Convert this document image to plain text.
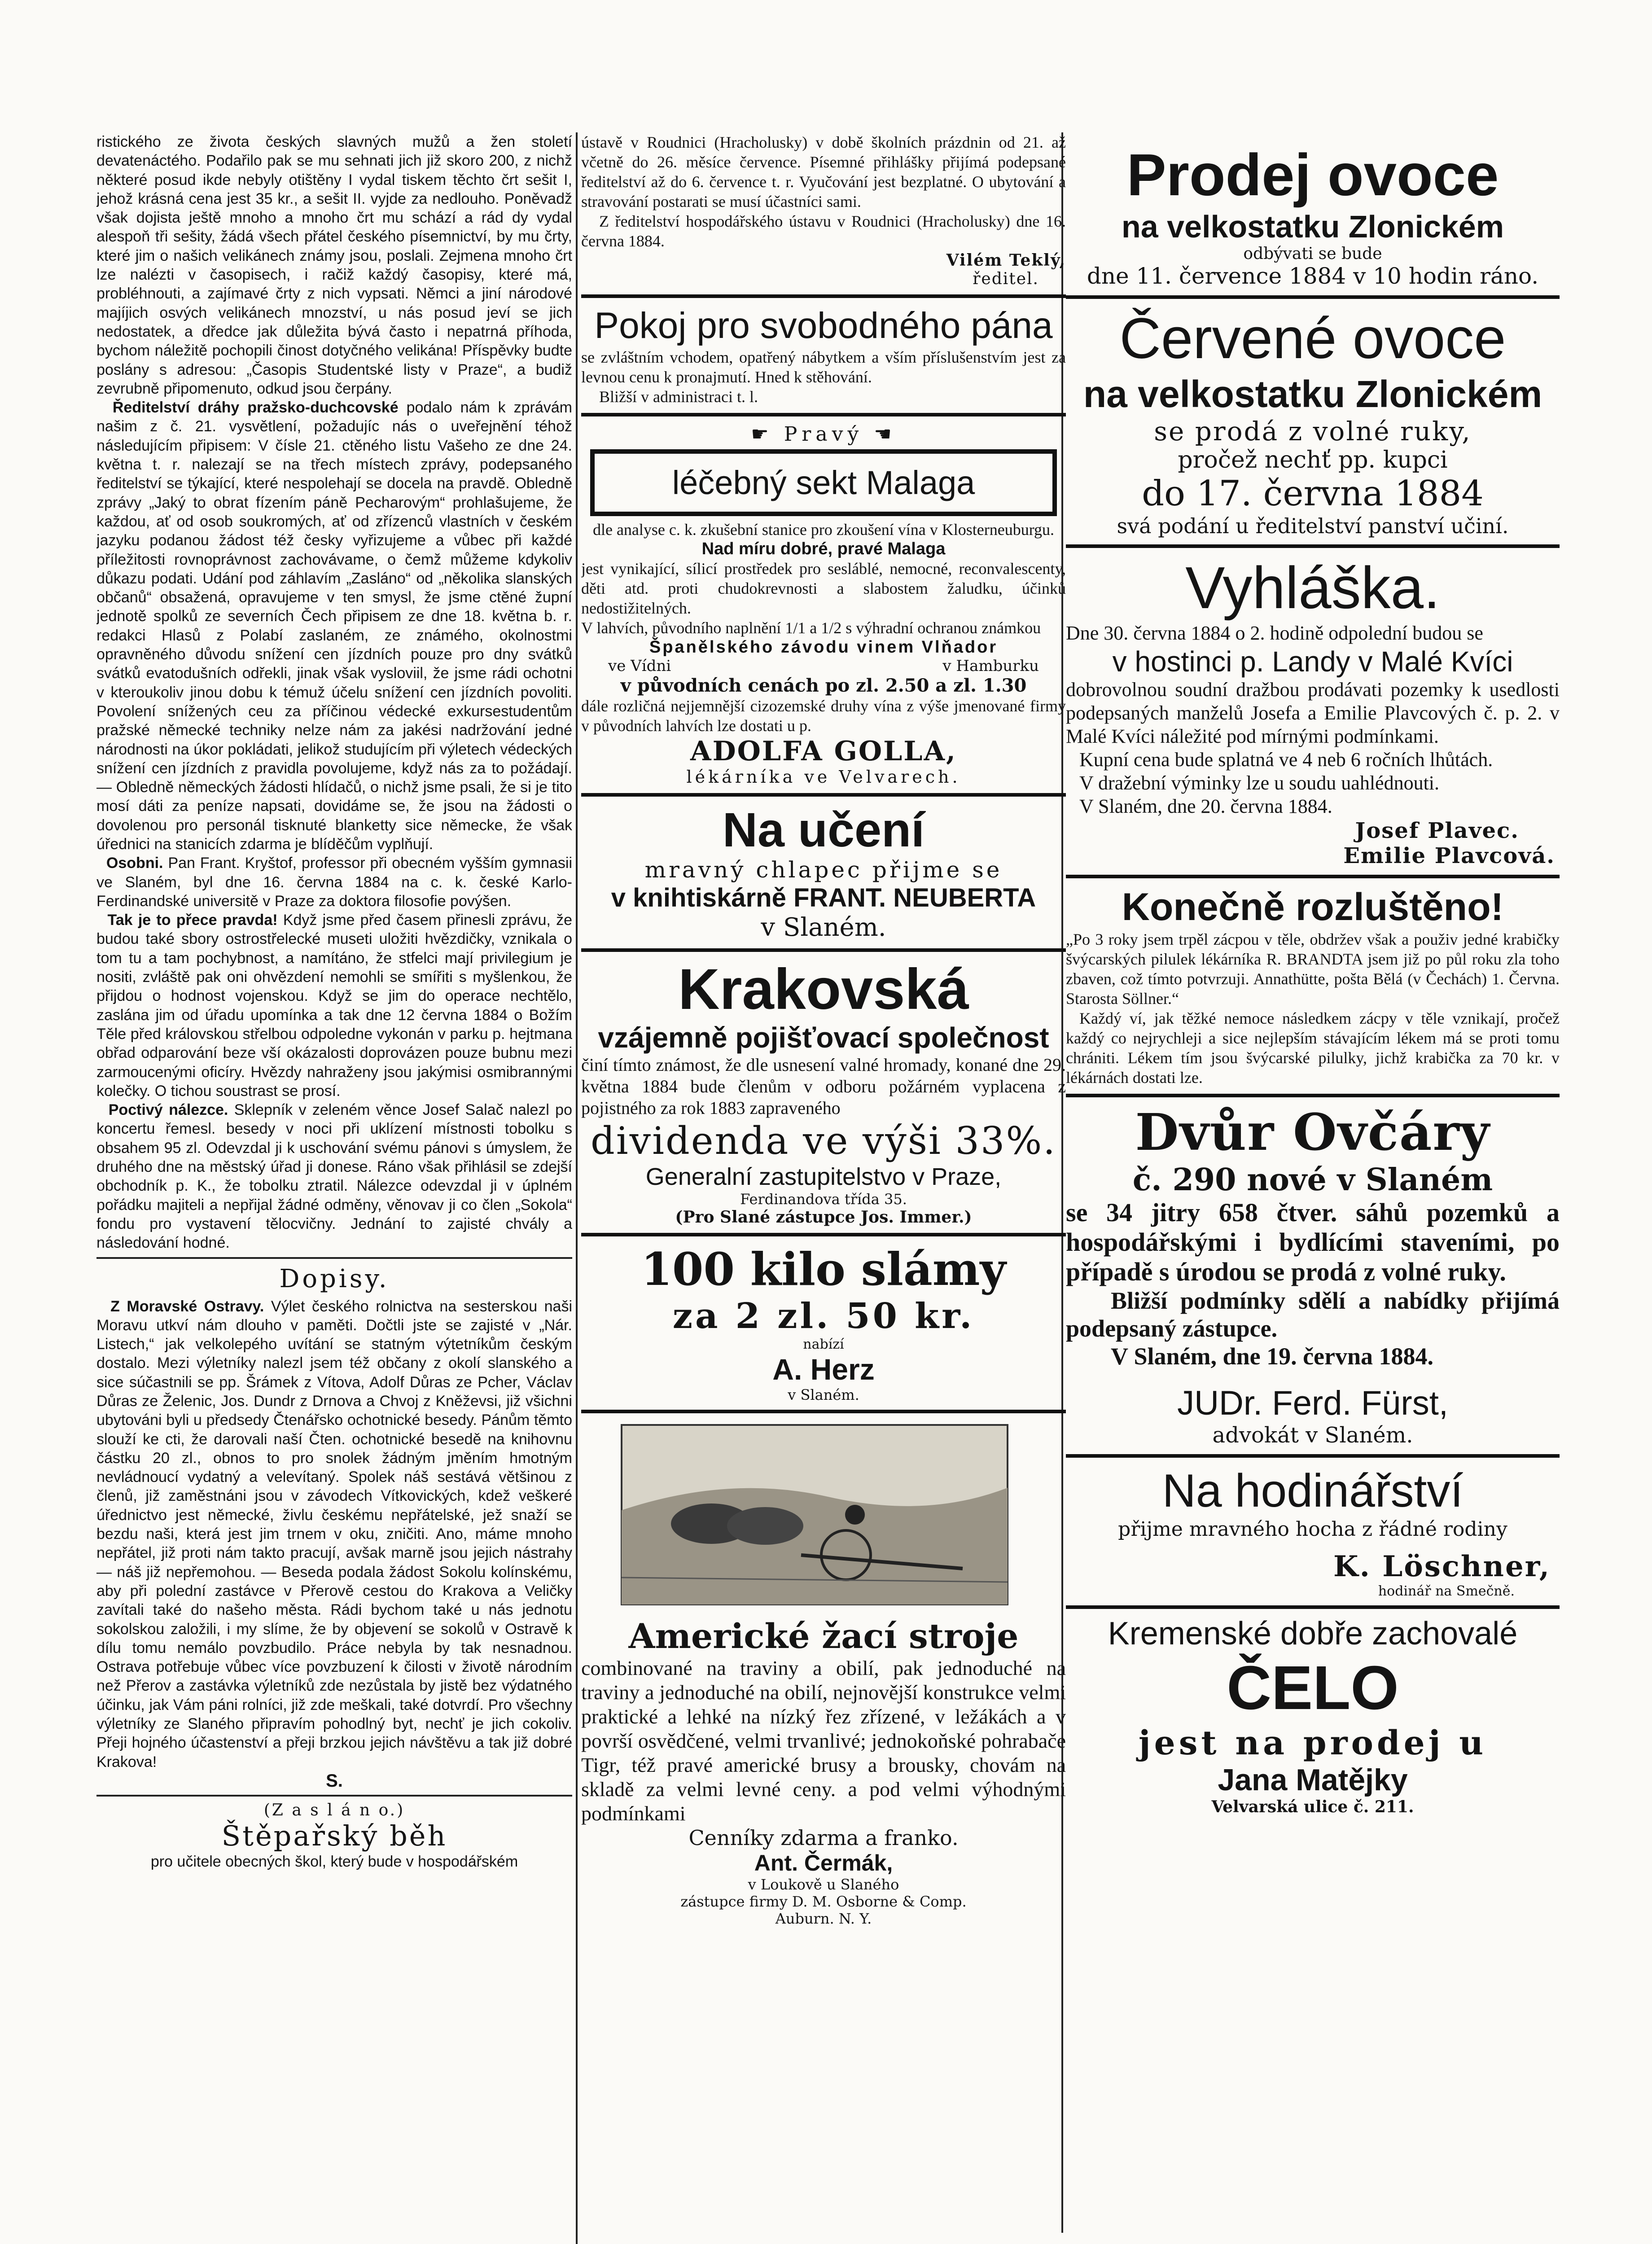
ristického ze života českých slavných mužů a žen století devatenáctého. Podařilo pak se mu sehnati jich již skoro 200, z nichž některé posud ikde nebyly otištěny I vydal tiskem těchto črt sešit I, jehož krásná cena jest 35 kr., a sešit II. vyjde za nedlouho. Poněvadž však dojista ještě mnoho a mnoho črt mu schází a rád dy vydal alespoň tři sešity, žádá všech přátel českého písemnictví, by mu črty, které jim o našich velikánech známy jsou, poslali. Zejmena mnoho črt lze nalézti v časopisech, i račiž každý časopisy, které má, probléhnouti, a zajímavé črty z nich vypsati. Němci a jiní národové majíjich osvých velikánech mnozství, u nás posud jeví se jich nedostatek, a dředce jak důležita bývá často i nepatrná příhoda, bychom náležitě pochopili činost dotyčného velikána! Příspěvky budte poslány s adresou: „Časopis Studentské listy v Praze“, a budiž zevrubně připomenuto, odkud jsou čerpány.

Ředitelství dráhy pražsko-duchcovské podalo nám k zprávám našim z č. 21. vysvětlení, požadujíc nás o uveřejnění téhož následujícím připisem: V čísle 21. ctěného listu Vašeho ze dne 24. května t. r. nalezají se na třech místech zprávy, podepsaného ředitelství se týkající, které nespolehají se docela na pravdě. Obledně zprávy „Jaký to obrat fízením páně Pecharovým“ prohlašujeme, že každou, ať od osob soukromých, ať od zřízenců vlastních v českém jazyku podanou žádost též česky vyřizujeme a vůbec při každé příležitosti rovnoprávnost zachovávame, o čemž můžeme kdykoliv důkazu podati. Udání pod záhlavím „Zasláno“ od „několika slanských občanů“ obsažená, opravujeme v ten smysl, že jsme ctěné župní jednotě spolků ze severních Čech připisem ze dne 18. května b. r. redakci Hlasů z Polabí zaslaném, ze známého, okolnostmi opravněného důvodu snížení cen jízdních pouze pro dny svátků svátků evatodušních odřekli, jinak však vysloviil, že jsme rádi ochotni v kteroukoliv jinou dobu k témuž účelu snížení cen jízdních povoliti. Povolení snížených ceu za příčinou védecké exkursestudentům pražské německé techniky nelze nám za jakési nadržování jedné národnosti na úkor pokládati, jelikož studujícím při výletech védeckých snížení cen jízdních z pravidla povolujeme, když nás za to požádají. — Obledně německých žádosti hlídačů, o nichž jsme psali, že si je tito mosí dáti za peníze napsati, dovidáme se, že jsou na žádosti o dovolenou pro personál tisknuté blanketty sice německe, že však úřednici na stanicích zdarma je blíděčům vyplňují.

Osobni. Pan Frant. Kryštof, professor při obecném vyšším gymnasii ve Slaném, byl dne 16. června 1884 na c. k. české Karlo-Ferdinandské universitě v Praze za doktora filosofie povýšen.

Tak je to přece pravda! Když jsme před časem přinesli zprávu, že budou také sbory ostrostřelecké museti uložiti hvězdičky, vznikala o tom tu a tam pochybnost, a namítáno, že stfelci mají privilegium je nositi, zvláště pak oni ohvězdení nemohli se smířiti s myšlenkou, že přijdou o hodnost vojenskou. Když se jim do operace nechtělo, zaslána jim od úřadu upomínka a tak dne 12 června 1884 o Božím Těle před královskou střelbou odpoledne vykonán v parku p. hejtmana obřad odparování beze vší okázalosti doprovázen pouze bubnu mezi zarmoucenými oficíry. Hvězdy nahraženy jsou jakýmisi osmibrannými kolečky. O tichou soustrast se prosí.

Poctivý nálezce. Sklepník v zeleném věnce Josef Salač nalezl po koncertu řemesl. besedy v noci při uklízení místnosti tobolku s obsahem 95 zl. Odevzdal ji k uschování svému pánovi s úmyslem, že druhého dne na městský úřad ji donese. Ráno však přihlásil se zdejší obchodník p. K., že tobolku ztratil. Nálezce odevzdal ji v úplném pořádku majiteli a nepřijal žádné odměny, věnovav ji co člen „Sokola“ fondu pro vystavení tělocvičny. Jednání to zajisté chvály a následování hodné.

Dopisy.

Z Moravské Ostravy. Výlet českého rolnictva na sesterskou naši Moravu utkví nám dlouho v paměti. Dočtli jste se zajisté v „Nár. Listech,“ jak velkolepého uvítání se statným výtetníkům českým dostalo. Mezi výletníky nalezl jsem též občany z okolí slanského a sice súčastnili se pp. Šrámek z Vítova, Adolf Důras ze Pcher, Václav Důras ze Želenic, Jos. Dundr z Drnova a Chvoj z Kněževsi, již všichni ubytováni byli u předsedy Čtenářsko ochotnické besedy. Pánům těmto slouží ke cti, že darovali naší Čten. ochotnické besedě na knihovnu částku 20 zl., obnos to pro snolek žádným jměním hmotným nevládnoucí vydatný a velevítaný. Spolek náš sestává většinou z členů, již zaměstnáni jsou v závodech Vítkovických, kdež veškeré úřednictvo jest německé, živlu českému nepřátelské, jež snaží se bezdu naši, která jest jim trnem v oku, zničiti. Ano, máme mnoho nepřátel, již proti nám takto pracují, avšak marně jsou jejich nástrahy — náš již nepřemohou. — Beseda podala žádost Sokolu kolínskému, aby při polední zastávce v Přerově cestou do Krakova a Veličky zavítali také do našeho města. Rádi bychom také u nás jednotu sokolskou založili, i my slíme, že by objevení se sokolů v Ostravě k dílu tomu nemálo povzbudilo. Práce nebyla by tak nesnadnou. Ostrava potřebuje vůbec více povzbuzení k čilosti v životě národním než Přerov a zastávka výletníků zde nezůstala by jistě bez výdatného účinku, jak Vám páni rolníci, již zde meškali, také dotvrdí. Pro všechny výletníky ze Slaného připravím pohodlný byt, nechť je jich cokoliv. Přeji hojného účastenství a přeji brzkou jejich návštěvu a tak již dobré Krakova!

S.
(Z a s l á n o.)
Štěpařský běh

pro učitele obecných škol, který bude v hospodářském

ústavě v Roudnici (Hracholusky) v době školních prázdnin od 21. až včetně do 26. měsíce července. Písemné přihlášky přijímá podepsané ředitelství až do 6. července t. r. Vyučování jest bezplatné. O ubytování a stravování postarati se musí účastníci sami.

Z ředitelství hospodářského ústavu v Roudnici (Hracholusky) dne 16. června 1884.

Vilém Teklý,
ředitel.
Pokoj pro svobodného pána

se zvláštním vchodem, opatřený nábytkem a vším příslušenstvím jest za levnou cenu k pronajmutí. Hned k stěhování.

Bližší v administraci t. l.

☛ Pravý ☚
léčebný sekt Malaga

dle analyse c. k. zkušební stanice pro zkoušení vína v Klosterneuburgu.

Nad míru dobré, pravé Malaga

jest vynikající, sílicí prostředek pro sesláblé, nemocné, reconvalescenty, děti atd. proti chudokrevnosti a slabostem žaludku, účinků nedostižitelných.

V lahvích, původního naplnění 1/1 a 1/2 s výhradní ochranou známkou

Španělského závodu vinem Vlňador
ve Vídni	v Hamburku
v původních cenách po zl. 2.50 a zl. 1.30

dále rozličná nejjemnější cizozemské druhy vína z výše jmenované firmy v původních lahvích lze dostati u p.

ADOLFA GOLLA,
lékárníka ve Velvarech.
Na učení
mravný chlapec přijme se
v knihtiskárně FRANT. NEUBERTA
v Slaném.
Krakovská
vzájemně pojišťovací společnost

činí tímto známost, že dle usnesení valné hromady, konané dne 29. května 1884 bude členům v odboru požárném vyplacena z pojistného za rok 1883 zapraveného

dividenda ve výši 33%.
Generalní zastupitelstvo v Praze,
Ferdinandova třída 35.
(Pro Slané zástupce Jos. Immer.)
100 kilo slámy
za 2 zl. 50 kr.
nabízí
A. Herz
v Slaném.
Americké žací stroje

combinované na traviny a obilí, pak jednoduché na traviny a jednoduché na obilí, nejnovější konstrukce velmi praktické a lehké na nízký řez zřízené, v ležákách a v površí osvědčené, velmi trvanlivé; jednokoňské pohrabače Tigr, též pravé americké brusy a brousky, chovám na skladě za velmi levné ceny. a pod velmi výhodnými podmínkami

Cenníky zdarma a franko.
Ant. Čermák,
v Loukově u Slaného
zástupce firmy D. M. Osborne & Comp.
Auburn. N. Y.
Prodej ovoce
na velkostatku Zlonickém
odbývati se bude
dne 11. července 1884 v 10 hodin ráno.
Červené ovoce
na velkostatku Zlonickém
se prodá z volné ruky,
pročež nechť pp. kupci
do 17. června 1884
svá podání u ředitelství panství učiní.
Vyhláška.

Dne 30. června 1884 o 2. hodině odpolední budou se

v hostinci p. Landy v Malé Kvíci

dobrovolnou soudní dražbou prodávati pozemky k usedlosti podepsaných manželů Josefa a Emilie Plavcových č. p. 2. v Malé Kvíci náležité pod mírnými podmínkami.

Kupní cena bude splatná ve 4 neb 6 ročních lhůtách.

V dražební výminky lze u soudu uahlédnouti.

V Slaném, dne 20. června 1884.

Josef Plavec.
Emilie Plavcová.
Konečně rozluštěno!

„Po 3 roky jsem trpěl zácpou v těle, obdržev však a použiv jedné krabičky švýcarských pilulek lékárníka R. BRANDTA jsem již po půl roku zla toho zbaven, což tímto potvrzuji. Annathütte, pošta Bělá (v Čechách) 1. Června. Starosta Söllner.“

Každý ví, jak těžké nemoce následkem zácpy v těle vznikají, pročež každý co nejrychleji a sice nejlepším stávajícím lékem má se proti tomu chrániti. Lékem tím jsou švýcarské pilulky, jichž krabička za 70 kr. v lékárnách dostati lze.

Dvůr Ovčáry
č. 290 nové v Slaném

se 34 jitry 658 čtver. sáhů pozemků a hospodářskými i bydlícími staveními, po případě s úrodou se prodá z volné ruky.

Bližší podmínky sdělí a nabídky přijímá podepsaný zástupce.

V Slaném, dne 19. června 1884.

JUDr. Ferd. Fürst,
advokát v Slaném.
Na hodinářství
přijme mravného hocha z řádné rodiny
K. Löschner,
hodinář na Smečně.
Kremenské dobře zachovalé
ČELO
jest na prodej u
Jana Matějky
Velvarská ulice č. 211.
